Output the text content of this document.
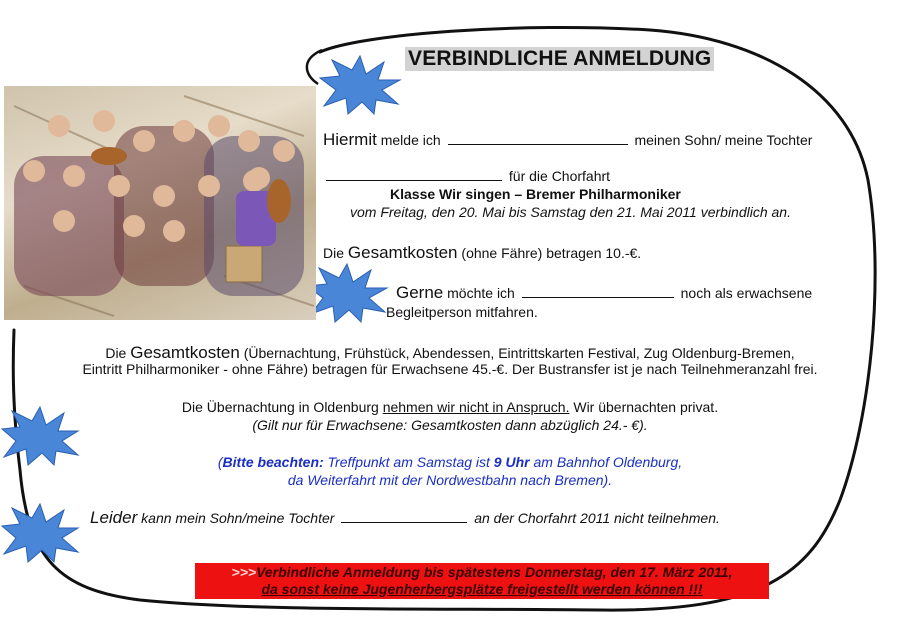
VERBINDLICHE ANMELDUNG
Hiermit melde ich	meinen Sohn/ meine Tochter
für die Chorfahrt
Klasse Wir singen – Bremer Philharmoniker
vom Freitag, den 20. Mai bis Samstag den 21. Mai 2011 verbindlich an.
Die Gesamtkosten (ohne Fähre) betragen 10.-€.
Gerne möchte ich	noch als erwachsene
Begleitperson mitfahren.
Die Gesamtkosten (Übernachtung, Frühstück, Abendessen, Eintrittskarten Festival, Zug Oldenburg-Bremen,
Eintritt Philharmoniker - ohne Fähre) betragen für Erwachsene 45.-€. Der Bustransfer ist je nach Teilnehmeranzahl frei.
Die Übernachtung in Oldenburg nehmen wir nicht in Anspruch. Wir übernachten privat.
(Gilt nur für Erwachsene: Gesamtkosten dann abzüglich 24.- €).
(Bitte beachten: Treffpunkt am Samstag ist 9 Uhr am Bahnhof Oldenburg,
da Weiterfahrt mit der Nordwestbahn nach Bremen).
Leider kann mein Sohn/meine Tochter	an der Chorfahrt 2011 nicht teilnehmen.
>>>Verbindliche Anmeldung bis spätestens Donnerstag, den 17. März 2011,
da sonst keine Jugenherbergsplätze freigestellt werden können !!!
